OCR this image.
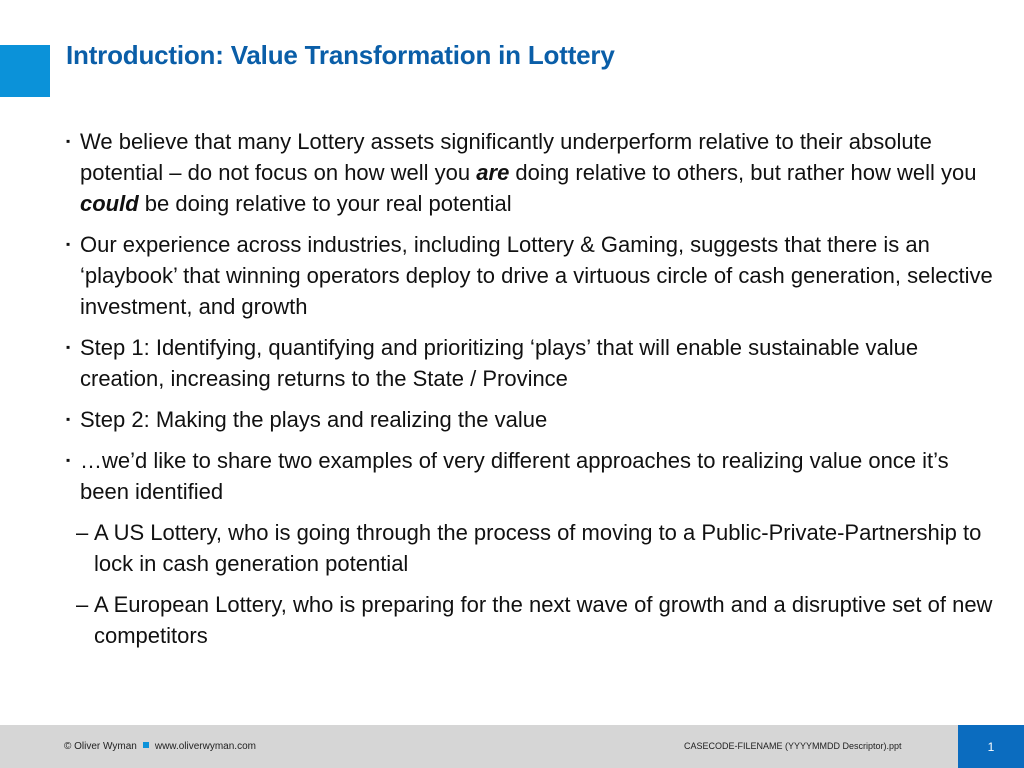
Introduction: Value Transformation in Lottery
▪ We believe that many Lottery assets significantly underperform relative to their absolute potential – do not focus on how well you are doing relative to others, but rather how well you could be doing relative to your real potential
▪ Our experience across industries, including Lottery & Gaming, suggests that there is an ‘playbook’ that winning operators deploy to drive a virtuous circle of cash generation, selective investment, and growth
▪ Step 1: Identifying, quantifying and prioritizing ‘plays’ that will enable sustainable value creation, increasing returns to the State / Province
▪ Step 2: Making the plays and realizing the value
▪ …we’d like to share two examples of very different approaches to realizing value once it’s been identified
– A US Lottery, who is going through the process of moving to a Public-Private-Partnership to lock in cash generation potential
– A European Lottery, who is preparing for the next wave of growth and a disruptive set of new competitors
© Oliver Wyman www.oliverwyman.com	CASECODE-FILENAME (YYYYMMDD Descriptor).ppt	1
